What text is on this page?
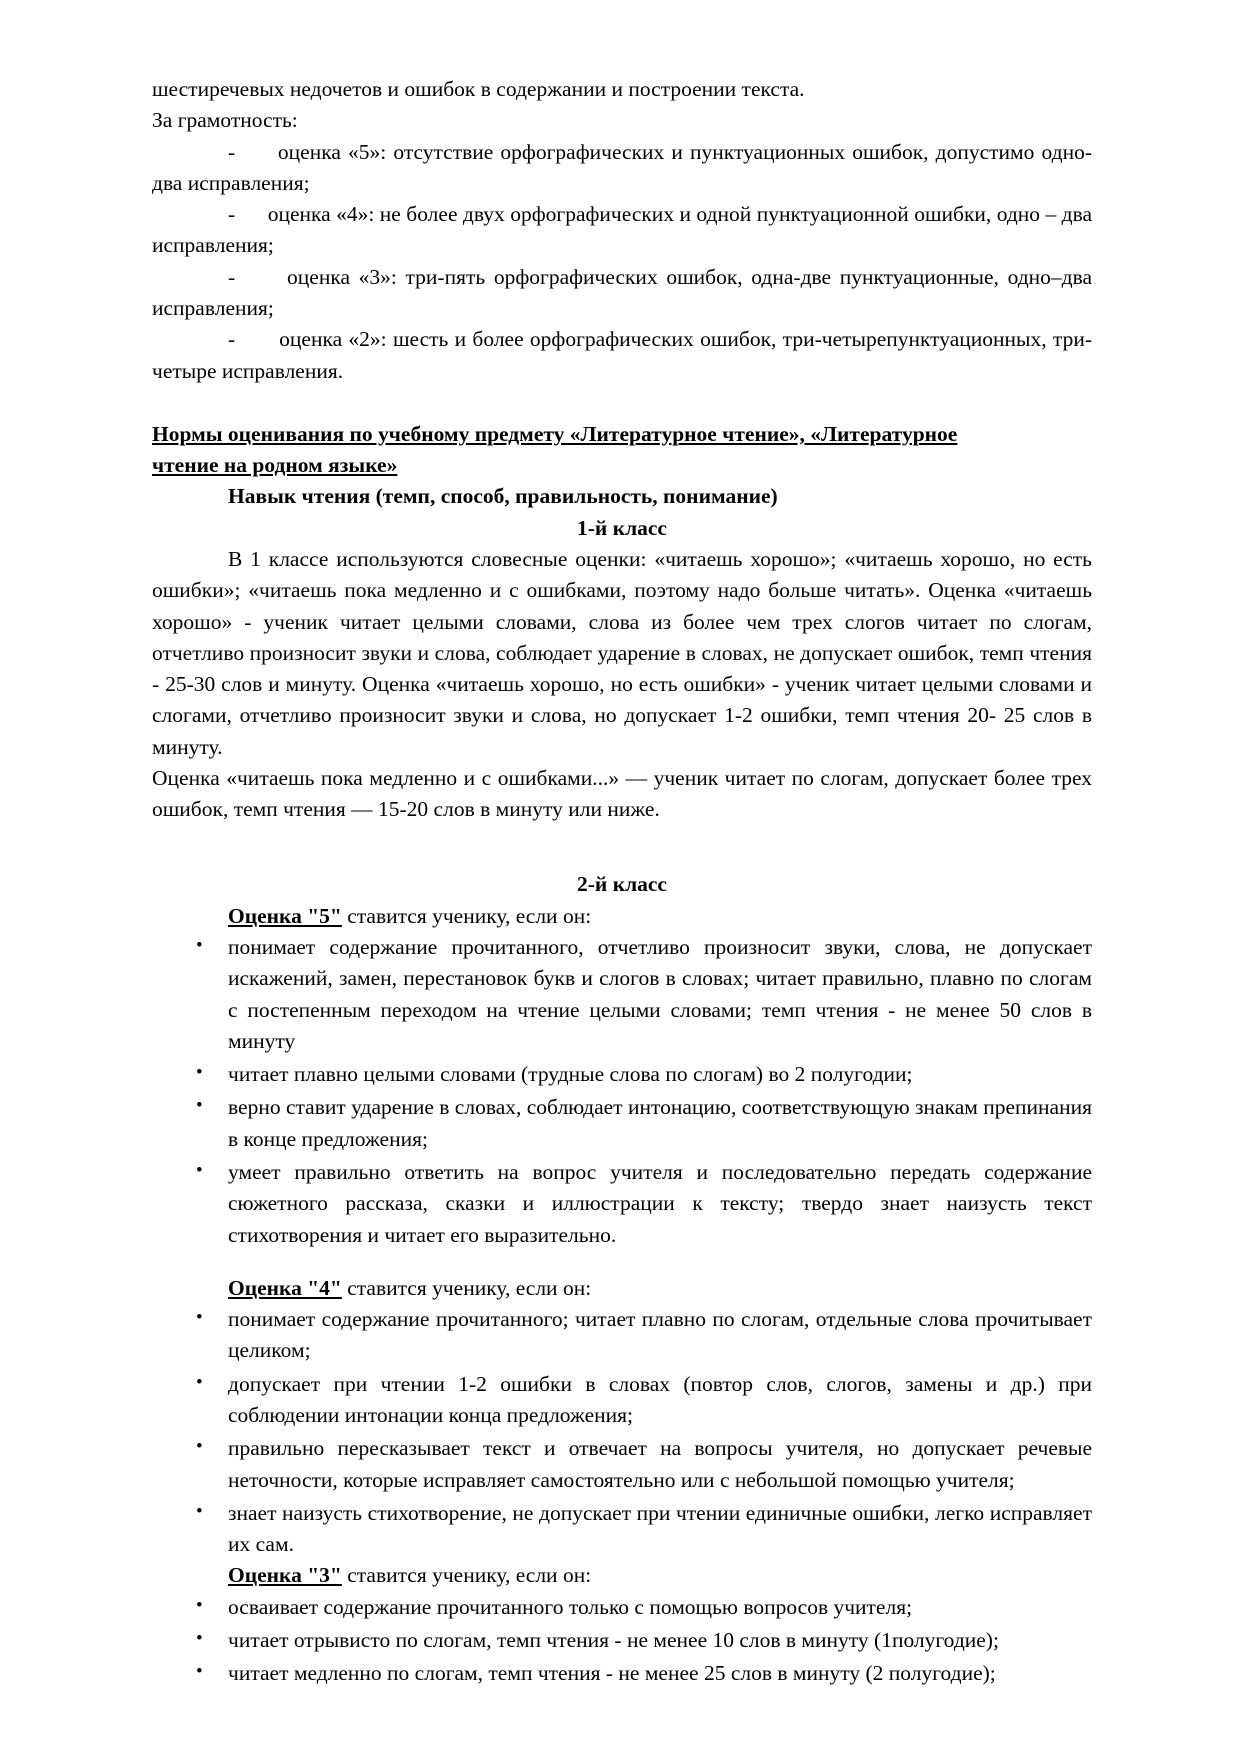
шестиречевых недочетов и ошибок в содержании и построении текста.

За грамотность:

-      оценка «5»: отсутствие орфографических и пунктуационных ошибок, допустимо одно-два исправления;

-      оценка «4»: не более двух орфографических и одной пунктуационной ошибки, одно – два исправления;

-      оценка «3»: три-пять орфографических ошибок, одна-две пунктуационные, одно–два исправления;

-       оценка «2»: шесть и более орфографических ошибок, три-четырепунктуационных, три-четыре исправления.

Нормы оценивания по учебному предмету «Литературное чтение», «Литературное
чтение на родном языке»

Навык чтения (темп, способ, правильность, понимание)

1-й класс

В 1 классе используются словесные оценки: «читаешь хорошо»; «читаешь хорошо, но есть ошибки»; «читаешь пока медленно и с ошибками, поэтому надо больше читать». Оценка «читаешь хорошо» - ученик читает целыми словами, слова из более чем трех слогов читает по слогам, отчетливо произносит звуки и слова, соблюдает ударение в словах, не допускает ошибок, темп чтения - 25-30 слов и минуту. Оценка «читаешь хорошо, но есть ошибки» - ученик читает целыми словами и слогами, отчетливо произносит звуки и слова, но допускает 1-2 ошибки, темп чтения 20- 25 слов в минуту.

Оценка «читаешь пока медленно и с ошибками...» — ученик читает по слогам, допускает более трех ошибок, темп чтения — 15-20 слов в минуту или ниже.

2-й класс

Оценка "5" ставится ученику, если он:

• понимает содержание прочитанного, отчетливо произносит звуки, слова, не допускает искажений, замен, перестановок букв и слогов в словах; читает правильно, плавно по слогам с постепенным переходом на чтение целыми словами; темп чтения - не менее 50 слов в минуту
• читает плавно целыми словами (трудные слова по слогам) во 2 полугодии;
• верно ставит ударение в словах, соблюдает интонацию, соответствующую знакам препинания в конце предложения;
• умеет правильно ответить на вопрос учителя и последовательно передать содержание сюжетного рассказа, сказки и иллюстрации к тексту; твердо знает наизусть текст стихотворения и читает его выразительно.

Оценка "4" ставится ученику, если он:

• понимает содержание прочитанного; читает плавно по слогам, отдельные слова прочитывает целиком;
• допускает при чтении 1-2 ошибки в словах (повтор слов, слогов, замены и др.) при соблюдении интонации конца предложения;
• правильно пересказывает текст и отвечает на вопросы учителя, но допускает речевые неточности, которые исправляет самостоятельно или с небольшой помощью учителя;
• знает наизусть стихотворение, не допускает при чтении единичные ошибки, легко исправляет их сам.

Оценка "3" ставится ученику, если он:

• осваивает содержание прочитанного только с помощью вопросов учителя;
• читает отрывисто по слогам, темп чтения - не менее 10 слов в минуту (1полугодие);
• читает медленно по слогам, темп чтения - не менее 25 слов в минуту (2 полугодие);
